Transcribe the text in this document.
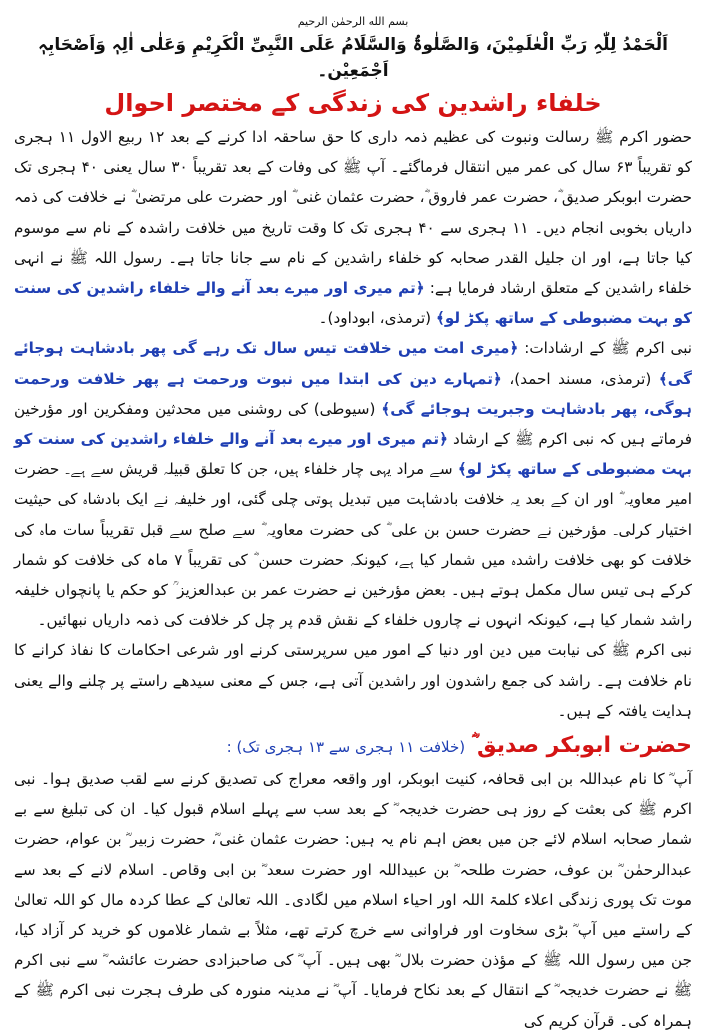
بسم الله الرحمٰن الرحیم
اَلْحَمْدُ لِلّٰہِ رَبِّ الْعٰلَمِیْنَ، وَالصَّلٰوۃُ وَالسَّلَامُ عَلَی النَّبِیِّ الْکَرِیْمِ وَعَلٰی اٰلِہٖ وَاَصْحَابِہٖ اَجْمَعِیْن۔
خلفاء راشدین کی زندگی کے مختصر احوال

حضور اکرم ﷺ رسالت ونبوت کی عظیم ذمہ داری کا حق ساحقہ ادا کرنے کے بعد ۱۲ ربیع الاول ۱۱ ہجری کو تقریباً ۶۳ سال کی عمر میں انتقال فرماگئے۔ آپ ﷺ کی وفات کے بعد تقریباً ۳۰ سال یعنی ۴۰ ہجری تک حضرت ابوبکر صدیق ؓ، حضرت عمر فاروق ؓ، حضرت عثمان غنی ؓ اور حضرت علی مرتضیٰ ؓ نے خلافت کی ذمہ داریاں بخوبی انجام دیں۔ ۱۱ ہجری سے ۴۰ ہجری تک کا وقت تاریخ میں خلافت راشدہ کے نام سے موسوم کیا جاتا ہے، اور ان جلیل القدر صحابہ کو خلفاء راشدین کے نام سے جانا جاتا ہے۔ رسول اللہ ﷺ نے انہی خلفاء راشدین کے متعلق ارشاد فرمایا ہے: ﴿تم میری اور میرے بعد آنے والے خلفاء راشدین کی سنت کو بہت مضبوطی کے ساتھ پکڑ لو﴾ (ترمذی، ابوداود)۔

نبی اکرم ﷺ کے ارشادات: ﴿میری امت میں خلافت تیس سال تک رہے گی پھر بادشاہت ہوجائے گی﴾ (ترمذی، مسند احمد)، ﴿تمہارے دین کی ابتدا میں نبوت ورحمت ہے پھر خلافت ورحمت ہوگی، پھر بادشاہت وجبریت ہوجائے گی﴾ (سیوطی) کی روشنی میں محدثین ومفکرین اور مؤرخین فرماتے ہیں کہ نبی اکرم ﷺ کے ارشاد ﴿تم میری اور میرے بعد آنے والے خلفاء راشدین کی سنت کو بہت مضبوطی کے ساتھ پکڑ لو﴾ سے مراد یہی چار خلفاء ہیں، جن کا تعلق قبیلہ قریش سے ہے۔ حضرت امیر معاویہ ؓ اور ان کے بعد یہ خلافت بادشاہت میں تبدیل ہوتی چلی گئی، اور خلیفہ نے ایک بادشاہ کی حیثیت اختیار کرلی۔ مؤرخین نے حضرت حسن بن علی ؓ کی حضرت معاویہ ؓ سے صلح سے قبل تقریباً سات ماہ کی خلافت کو بھی خلافت راشدہ میں شمار کیا ہے، کیونکہ حضرت حسن ؓ کی تقریباً ۷ ماہ کی خلافت کو شمار کرکے ہی تیس سال مکمل ہوتے ہیں۔ بعض مؤرخین نے حضرت عمر بن عبدالعزیز ؒ کو حکم یا پانچواں خلیفہ راشد شمار کیا ہے، کیونکہ انہوں نے چاروں خلفاء کے نقش قدم پر چل کر خلافت کی ذمہ داریاں نبھائیں۔

نبی اکرم ﷺ کی نیابت میں دین اور دنیا کے امور میں سرپرستی کرنے اور شرعی احکامات کا نفاذ کرانے کا نام خلافت ہے۔ راشد کی جمع راشدون اور راشدین آتی ہے، جس کے معنی سیدھے راستے پر چلنے والے یعنی ہدایت یافتہ کے ہیں۔

حضرت ابوبکر صدیق ؓ (خلافت ۱۱ ہجری سے ۱۳ ہجری تک) :

آپ ؓ کا نام عبداللہ بن ابی قحافہ، کنیت ابوبکر، اور واقعہ معراج کی تصدیق کرنے سے لقب صدیق ہوا۔ نبی اکرم ﷺ کی بعثت کے روز ہی حضرت خدیجہ ؓ کے بعد سب سے پہلے اسلام قبول کیا۔ ان کی تبلیغ سے بے شمار صحابہ اسلام لائے جن میں بعض اہم نام یہ ہیں: حضرت عثمان غنی ؓ، حضرت زبیر ؓ بن عوام، حضرت عبدالرحمٰن ؓ بن عوف، حضرت طلحہ ؓ بن عبیداللہ اور حضرت سعد ؓ بن ابی وقاص۔ اسلام لانے کے بعد سے موت تک پوری زندگی اعلاء کلمۃ اللہ اور احیاء اسلام میں لگادی۔ اللہ تعالیٰ کے عطا کردہ مال کو اللہ تعالیٰ کے راستے میں آپ ؓ بڑی سخاوت اور فراوانی سے خرچ کرتے تھے، مثلاً بے شمار غلاموں کو خرید کر آزاد کیا، جن میں رسول اللہ ﷺ کے مؤذن حضرت بلال ؓ بھی ہیں۔ آپ ؓ کی صاحبزادی حضرت عائشہ ؓ سے نبی اکرم ﷺ نے حضرت خدیجہ ؓ کے انتقال کے بعد نکاح فرمایا۔ آپ ؓ نے مدینہ منورہ کی طرف ہجرت نبی اکرم ﷺ کے ہمراہ کی۔ قرآن کریم کی
